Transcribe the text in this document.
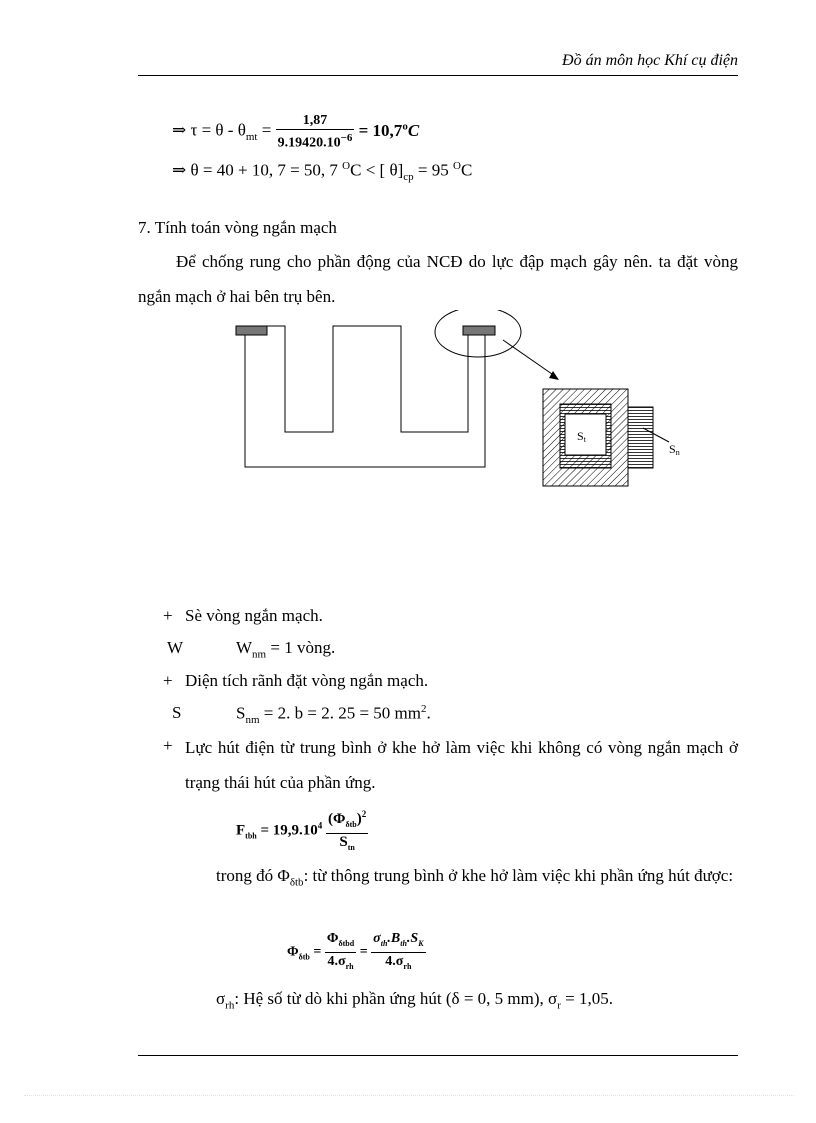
Đồ án môn học Khí cụ điện
⇒ $\tau = \theta - \theta_{mt} = \frac{1,87}{9.19420.10^{-6}} = 10,7^oC$
⇒ θ = 40 + 10, 7 = 50, 7 $^O$C < [ $\theta]_{cp} = 95$ $^O$C
7. Tính toán vòng ngắn mạch
Để chống rung cho phần động của NCĐ do lực đập mạch gây nên. ta đặt vòng ngắn mạch ở hai bên trụ bên.
St
Sn
+ Sè vòng ngắn mạch.
W	$W_{nm} = 1$ vòng.
+ Diện tích rãnh đặt vòng ngắn mạch.
S	$S_{nm} = 2$. b = 2. 25 = 50 $mm^2$.
+ Lực hút điện từ trung bình ở khe hở làm việc khi không có vòng ngắn mạch ở trạng thái hút của phần ứng.
$F_{tbh} = 19,9.10^4 \frac{(\Phi_{\delta tb})^2}{S_{tn}}$
trong đó $\Phi_{\delta tb}$: từ thông trung bình ở khe hở làm việc khi phần ứng hút được:
$\Phi_{\delta tb} = \frac{\Phi_{\delta tbd}}{4.\sigma_{rh}} = \frac{\sigma_{th}.B_{th}.S_K}{4.\sigma_{rh}}$
$\sigma_{rh}$: Hệ số từ dò khi phần ứng hút (δ = 0, 5 mm), $\sigma_r = 1,05$.
